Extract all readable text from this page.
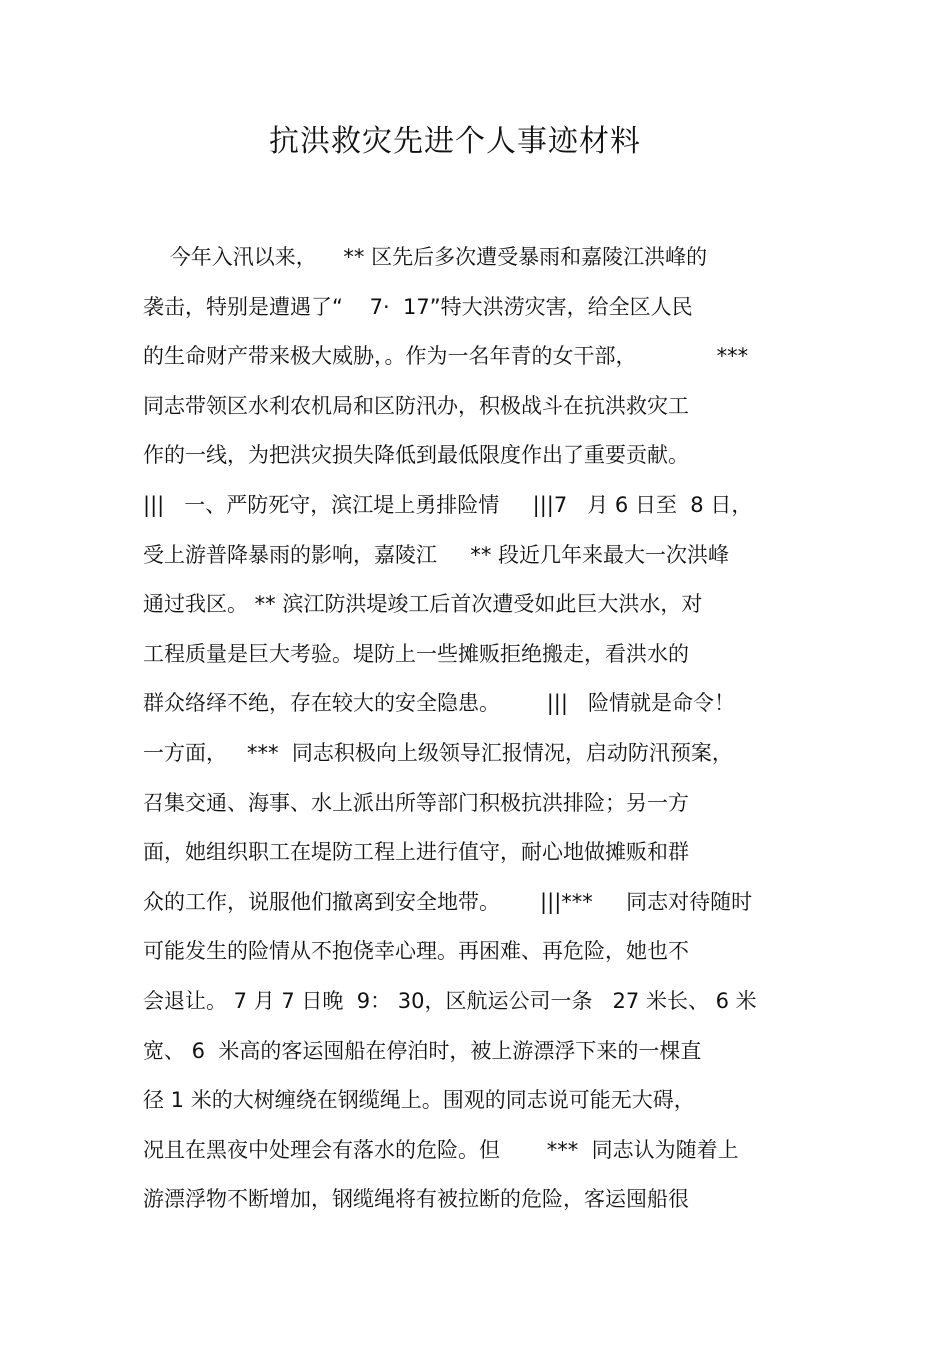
抗洪救灾先进个人事迹材料
今年入汛以来，    ** 区先后多次遭受暴雨和嘉陵江洪峰的
袭击，特别是遭遇了“    7·  17”特大洪涝灾害，给全区人民
的生命财产带来极大威胁，。作为一名年青的女干部，            ***
同志带领区水利农机局和区防汛办，积极战斗在抗洪救灾工
作的一线，为把洪灾损失降低到最低限度作出了重要贡献。
|||   一、严防死守，滨江堤上勇排险情     |||7   月 6 日至  8 日，
受上游普降暴雨的影响，嘉陵江     ** 段近几年来最大一次洪峰
通过我区。 ** 滨江防洪堤竣工后首次遭受如此巨大洪水，对
工程质量是巨大考验。堤防上一些摊贩拒绝搬走，看洪水的
群众络绎不绝，存在较大的安全隐患。       |||   险情就是命令！
一方面，   ***  同志积极向上级领导汇报情况，启动防汛预案，
召集交通、海事、水上派出所等部门积极抗洪排险；另一方
面，她组织职工在堤防工程上进行值守，耐心地做摊贩和群
众的工作，说服他们撤离到安全地带。      |||***     同志对待随时
可能发生的险情从不抱侥幸心理。再困难、再危险，她也不
会退让。 7 月 7 日晚  9： 30，区航运公司一条   27 米长、 6 米
宽、 6  米高的客运囤船在停泊时，被上游漂浮下来的一棵直
径 1 米的大树缠绕在钢缆绳上。围观的同志说可能无大碍，
况且在黑夜中处理会有落水的危险。但       ***  同志认为随着上
游漂浮物不断增加，钢缆绳将有被拉断的危险，客运囤船很
